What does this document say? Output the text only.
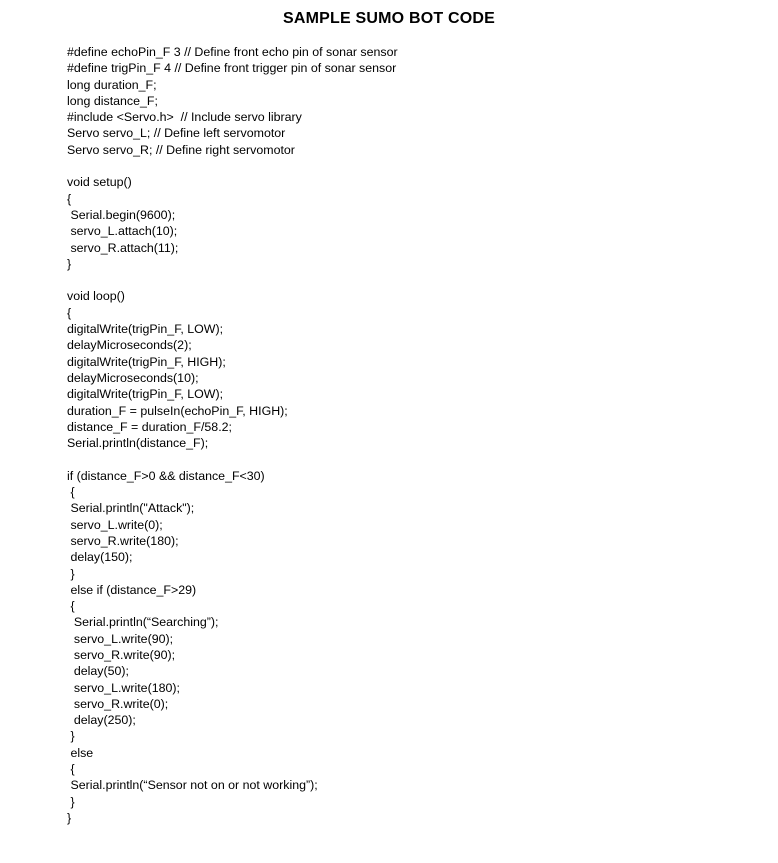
SAMPLE SUMO BOT CODE
#define echoPin_F 3 // Define front echo pin of sonar sensor
#define trigPin_F 4 // Define front trigger pin of sonar sensor
long duration_F;
long distance_F;
#include <Servo.h>  // Include servo library
Servo servo_L; // Define left servomotor
Servo servo_R; // Define right servomotor
void setup()
{
Serial.begin(9600);
servo_L.attach(10);
servo_R.attach(11);
}
void loop()
{
digitalWrite(trigPin_F, LOW);
delayMicroseconds(2);
digitalWrite(trigPin_F, HIGH);
delayMicroseconds(10);
digitalWrite(trigPin_F, LOW);
duration_F = pulseIn(echoPin_F, HIGH);
distance_F = duration_F/58.2;
Serial.println(distance_F);
if (distance_F>0 && distance_F<30)
{
Serial.println("Attack");
servo_L.write(0);
servo_R.write(180);
delay(150);
}
else if (distance_F>29)
{
Serial.println(“Searching”);
servo_L.write(90);
servo_R.write(90);
delay(50);
servo_L.write(180);
servo_R.write(0);
delay(250);
}
else
{
Serial.println(“Sensor not on or not working”);
}
}
